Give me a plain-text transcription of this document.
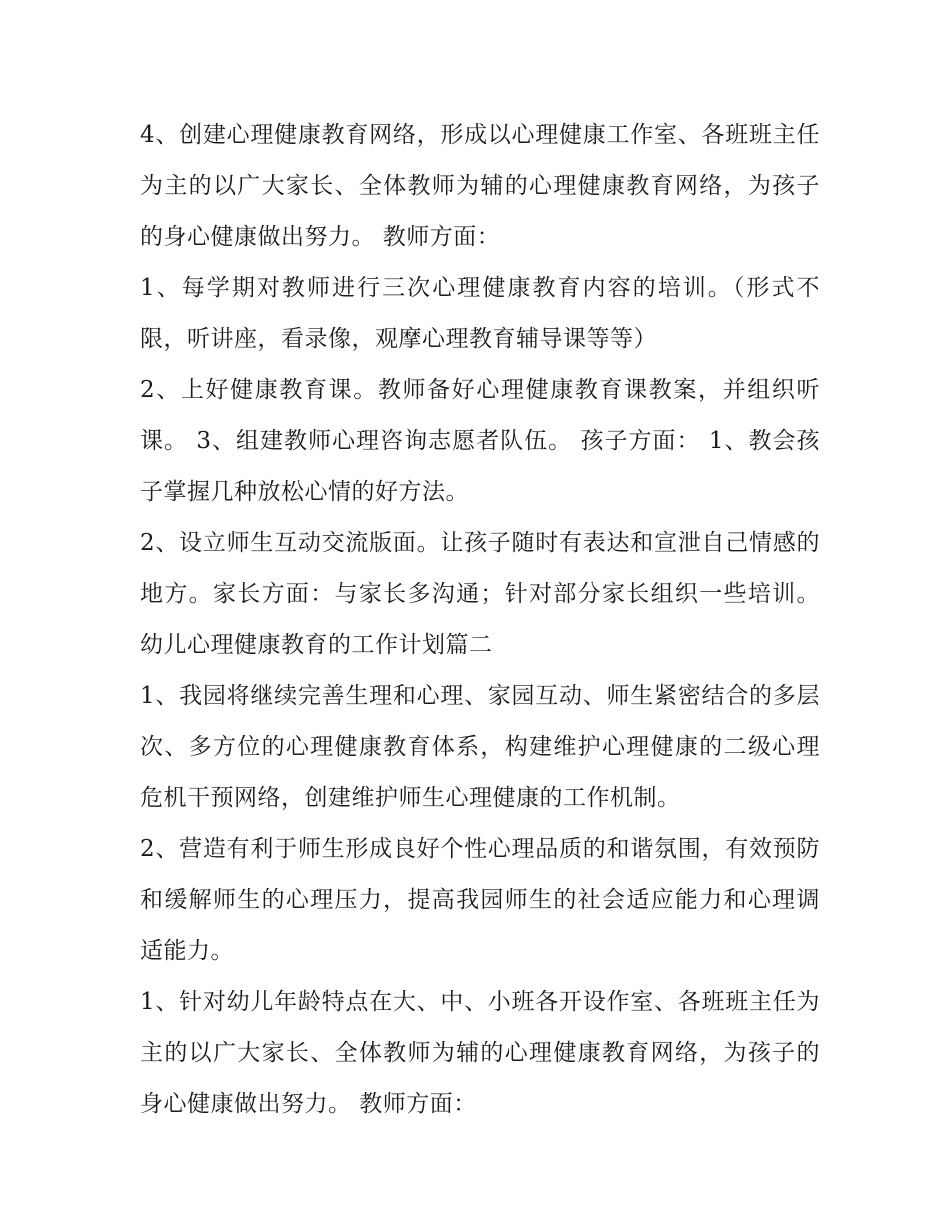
4、创建心理健康教育网络，形成以心理健康工作室、各班班主任为主的以广大家长、全体教师为辅的心理健康教育网络，为孩子的身心健康做出努力。 教师方面：

1、每学期对教师进行三次心理健康教育内容的培训。（形式不限，听讲座，看录像，观摩心理教育辅导课等等）

2、上好健康教育课。教师备好心理健康教育课教案，并组织听课。 3、组建教师心理咨询志愿者队伍。 孩子方面： 1、教会孩子掌握几种放松心情的好方法。

2、设立师生互动交流版面。让孩子随时有表达和宣泄自己情感的地方。家长方面：与家长多沟通；针对部分家长组织一些培训。 幼儿心理健康教育的工作计划篇二

1、我园将继续完善生理和心理、家园互动、师生紧密结合的多层次、多方位的心理健康教育体系，构建维护心理健康的二级心理危机干预网络，创建维护师生心理健康的工作机制。

2、营造有利于师生形成良好个性心理品质的和谐氛围，有效预防和缓解师生的心理压力，提高我园师生的社会适应能力和心理调适能力。

1、针对幼儿年龄特点在大、中、小班各开设作室、各班班主任为主的以广大家长、全体教师为辅的心理健康教育网络，为孩子的身心健康做出努力。 教师方面：
